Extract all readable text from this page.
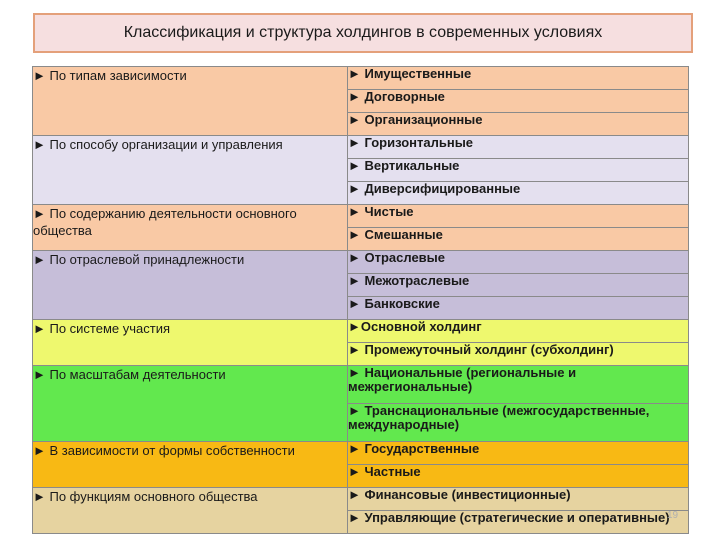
Классификация и структура холдингов в современных условиях
► По типам зависимости	► Имущественные
	► Договорные
	► Организационные
► По способу организации и управления	► Горизонтальные
	► Вертикальные
	► Диверсифицированные
► По содержанию деятельности основного общества	► Чистые
	► Смешанные
► По отраслевой принадлежности	► Отраслевые
	► Межотраслевые
	► Банковские
► По системе участия	►Основной холдинг
	► Промежуточный холдинг (субхолдинг)
► По масштабам деятельности	► Национальные (региональные и межрегиональные)
	► Транснациональные (межгосударственные, международные)
► В зависимости от формы собственности	► Государственные
	► Частные
► По функциям основного общества	► Финансовые (инвестиционные)
	► Управляющие (стратегические и оперативные)
19
